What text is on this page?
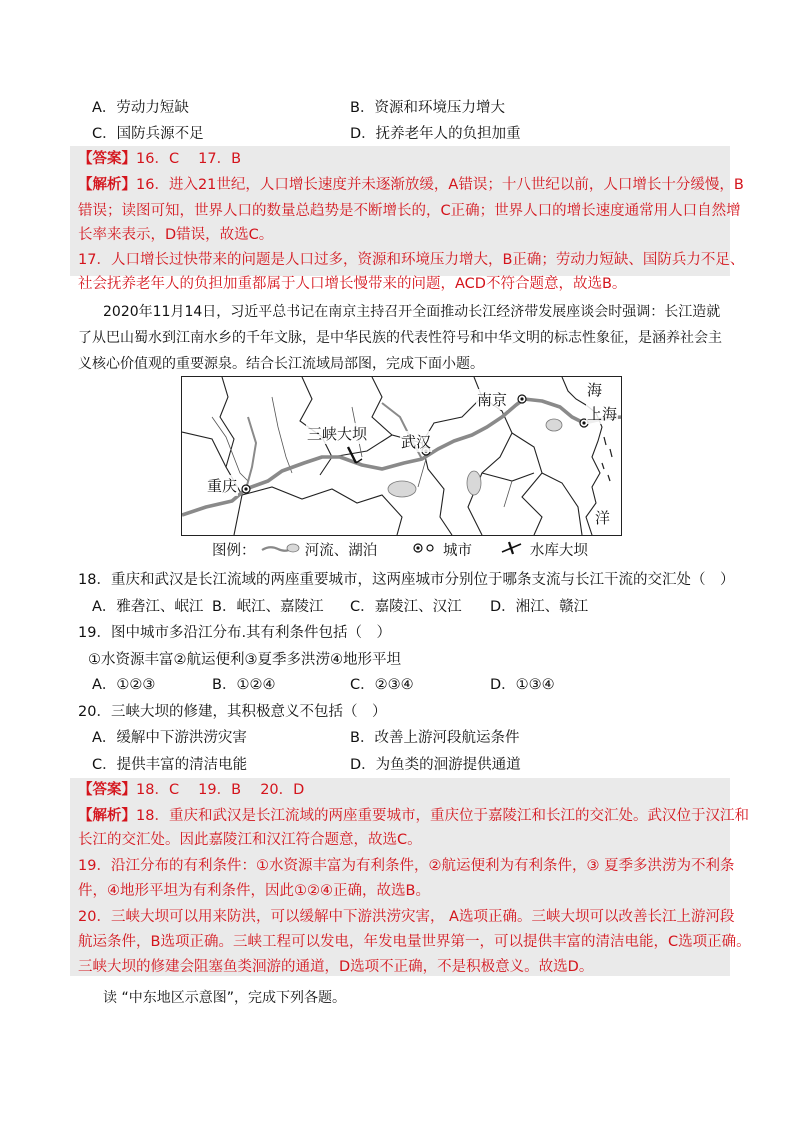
A．劳动力短缺	B．资源和环境压力增大
C．国防兵源不足	D．抚养老年人的负担加重
【答案】16．C　 17．B
【解析】16．进入21世纪，人口增长速度并未逐渐放缓，A错误；十八世纪以前，人口增长十分缓慢，B
错误；读图可知，世界人口的数量总趋势是不断增长的，C正确；世界人口的增长速度通常用人口自然增
长率来表示，D错误，故选C。
17．人口增长过快带来的问题是人口过多，资源和环境压力增大，B正确；劳动力短缺、国防兵力不足、
社会抚养老年人的负担加重都属于人口增长慢带来的问题，ACD不符合题意，故选B。
2020年11月14日，习近平总书记在南京主持召开全面推动长江经济带发展座谈会时强调：长江造就
了从巴山蜀水到江南水乡的千年文脉，是中华民族的代表性符号和中华文明的标志性象征，是涵养社会主
义核心价值观的重要源泉。结合长江流域局部图，完成下面小题。
南京
海
上海
三峡大坝 武汉
重庆
洋
图例：	河流、湖泊	城市	水库大坝
18．重庆和武汉是长江流域的两座重要城市，这两座城市分别位于哪条支流与长江干流的交汇处（　）
A．雅砻江、岷江 B．岷江、嘉陵江 C．嘉陵江、汉江 D．湘江、赣江
19．图中城市多沿江分布.其有利条件包括（　）
①水资源丰富②航运便利③夏季多洪涝④地形平坦
A．①②③	B．①②④	C．②③④	D．①③④
20．三峡大坝的修建，其积极意义不包括（　）
A．缓解中下游洪涝灾害	B．改善上游河段航运条件
C．提供丰富的清洁电能	D．为鱼类的洄游提供通道
【答案】18．C　 19．B　 20．D
【解析】18．重庆和武汉是长江流域的两座重要城市，重庆位于嘉陵江和长江的交汇处。武汉位于汉江和
长江的交汇处。因此嘉陵江和汉江符合题意，故选C。
19．沿江分布的有利条件：①水资源丰富为有利条件，②航运便利为有利条件，③ 夏季多洪涝为不利条
件，④地形平坦为有利条件，因此①②④正确，故选B。
20．三峡大坝可以用来防洪，可以缓解中下游洪涝灾害， A选项正确。三峡大坝可以改善长江上游河段
航运条件，B选项正确。三峡工程可以发电，年发电量世界第一，可以提供丰富的清洁电能，C选项正确。
三峡大坝的修建会阻塞鱼类洄游的通道，D选项不正确，不是积极意义。故选D。
读 “中东地区示意图”，完成下列各题。
